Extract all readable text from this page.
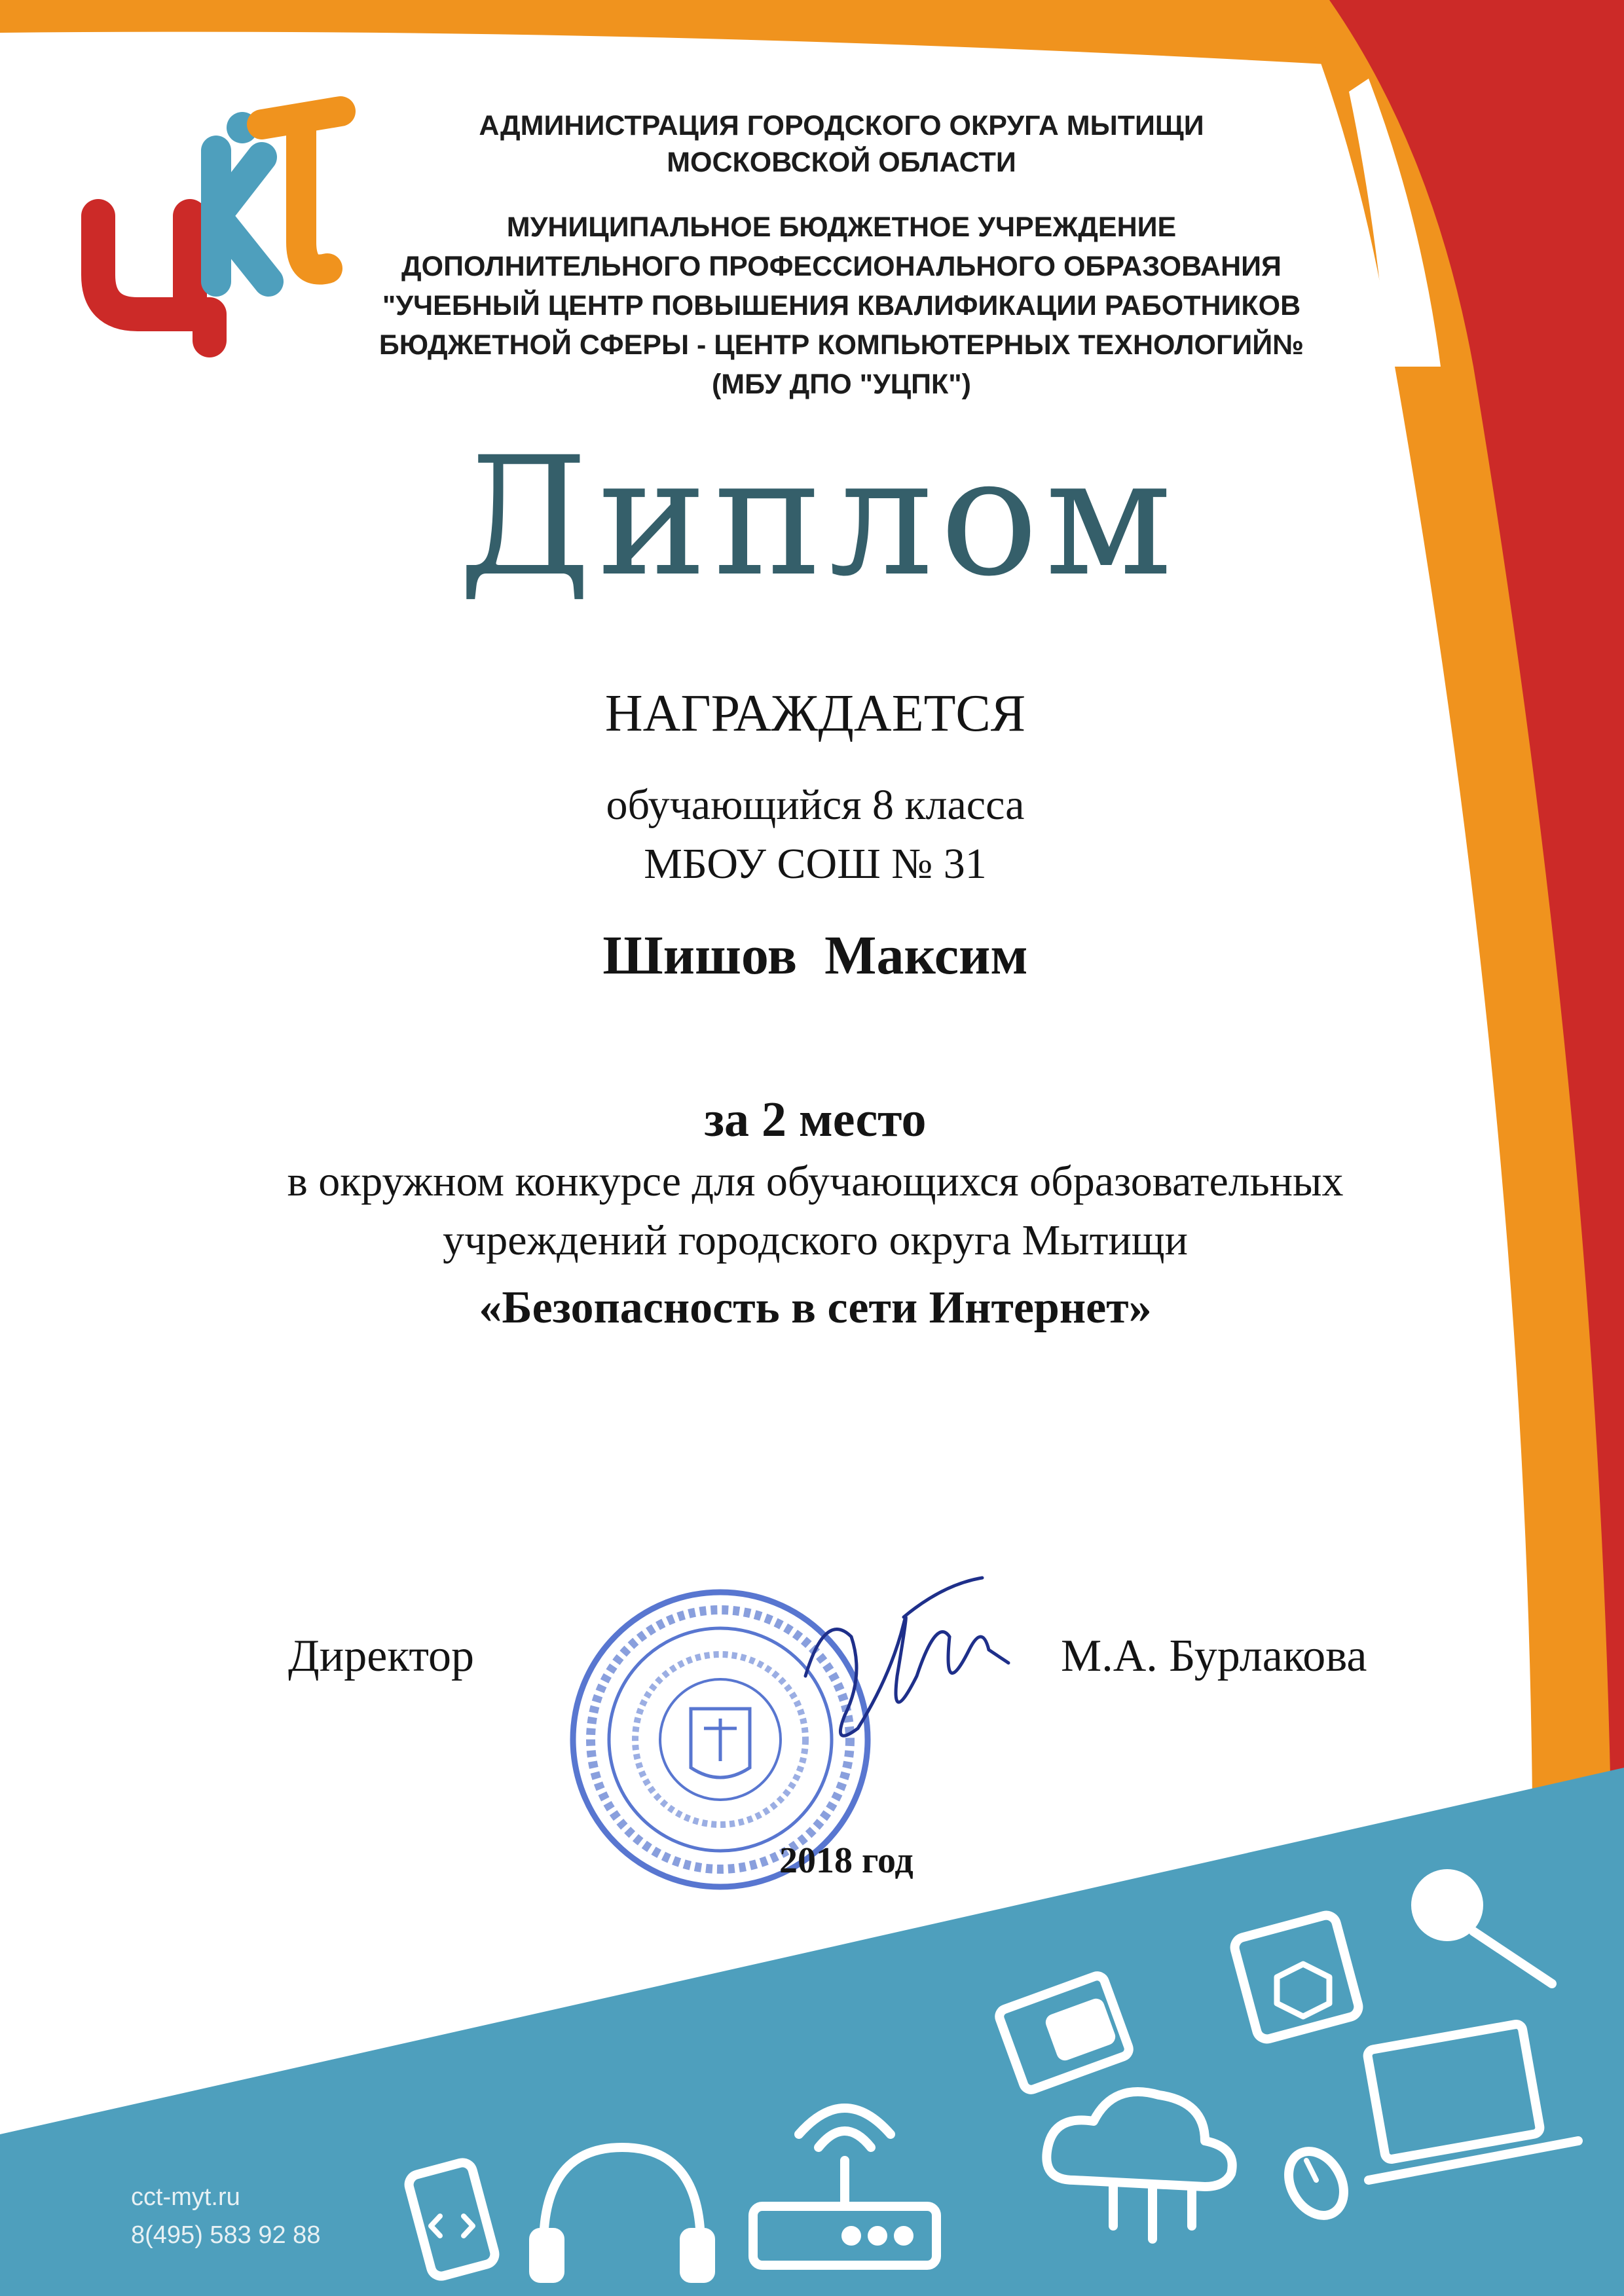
АДМИНИСТРАЦИЯ ГОРОДСКОГО ОКРУГА МЫТИЩИ
МОСКОВСКОЙ ОБЛАСТИ
МУНИЦИПАЛЬНОЕ БЮДЖЕТНОЕ УЧРЕЖДЕНИЕ
ДОПОЛНИТЕЛЬНОГО ПРОФЕССИОНАЛЬНОГО ОБРАЗОВАНИЯ
"УЧЕБНЫЙ ЦЕНТР ПОВЫШЕНИЯ КВАЛИФИКАЦИИ РАБОТНИКОВ
БЮДЖЕТНОЙ СФЕРЫ - ЦЕНТР КОМПЬЮТЕРНЫХ ТЕХНОЛОГИЙ№
(МБУ ДПО "УЦПК")
Диплом
НАГРАЖДАЕТСЯ
обучающийся 8 класса
МБОУ СОШ № 31
Шишов  Максим
за 2 место
в окружном конкурсе для обучающихся образовательных
учреждений городского округа Мытищи
«Безопасность в сети Интернет»
Директор	М.А. Бурлакова
2018 год
cct-myt.ru
8(495) 583 92 88
